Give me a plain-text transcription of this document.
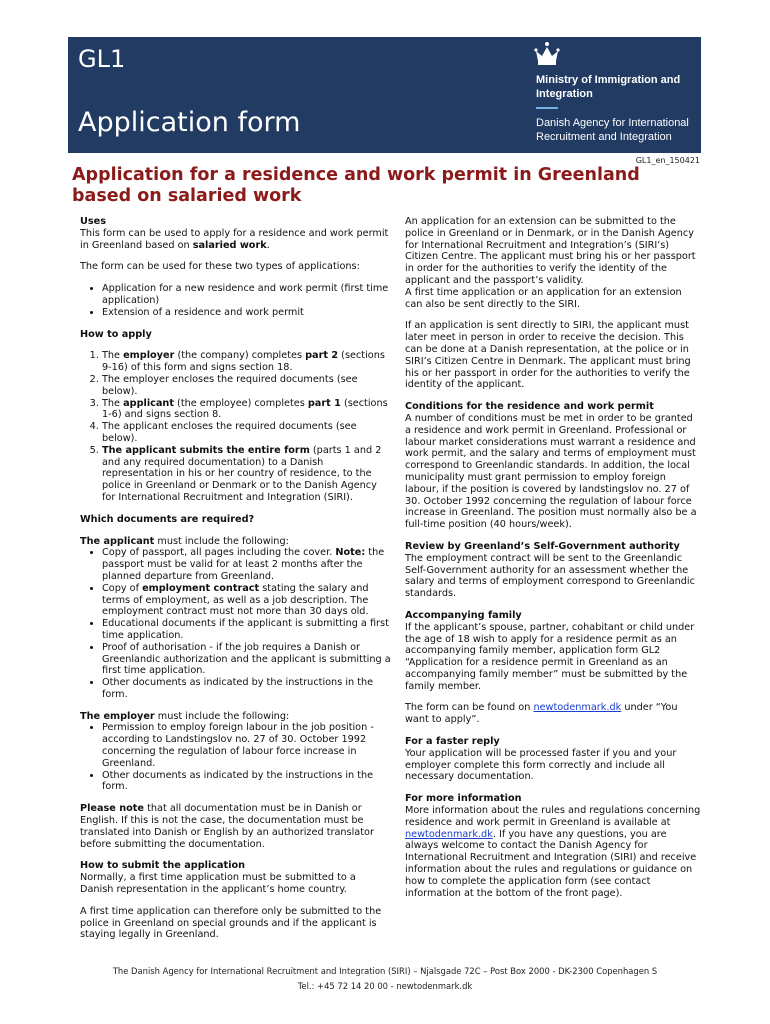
GL1
Application form
Ministry of Immigration and Integration
Danish Agency for International Recruitment and Integration
GL1_en_150421
Application for a residence and work permit in Greenland based on salaried work

Uses

This form can be used to apply for a residence and work permit in Greenland based on salaried work.

The form can be used for these two types of applications:

• Application for a new residence and work permit (first time application)
• Extension of a residence and work permit

How to apply

1. The employer (the company) completes part 2 (sections 9-16) of this form and signs section 18.
2. The employer encloses the required documents (see below).
3. The applicant (the employee) completes part 1 (sections 1-6) and signs section 8.
4. The applicant encloses the required documents (see below).
5. The applicant submits the entire form (parts 1 and 2 and any required documentation) to a Danish representation in his or her country of residence, to the police in Greenland or Denmark or to the Danish Agency for International Recruitment and Integration (SIRI).

Which documents are required?

The applicant must include the following:

• Copy of passport, all pages including the cover. Note: the passport must be valid for at least 2 months after the planned departure from Greenland.
• Copy of employment contract stating the salary and terms of employment, as well as a job description. The employment contract must not more than 30 days old.
• Educational documents if the applicant is submitting a first time application.
• Proof of authorisation - if the job requires a Danish or Greenlandic authorization and the applicant is submitting a first time application.
• Other documents as indicated by the instructions in the form.

The employer must include the following:

• Permission to employ foreign labour in the job position - according to Landstingslov no. 27 of 30. October 1992 concerning the regulation of labour force increase in Greenland.
• Other documents as indicated by the instructions in the form.

Please note that all documentation must be in Danish or English. If this is not the case, the documentation must be translated into Danish or English by an authorized translator before submitting the documentation.

How to submit the application

Normally, a first time application must be submitted to a Danish representation in the applicant’s home country.

A first time application can therefore only be submitted to the police in Greenland on special grounds and if the applicant is staying legally in Greenland.

An application for an extension can be submitted to the police in Greenland or in Denmark, or in the Danish Agency for International Recruitment and Integration’s (SIRI’s) Citizen Centre. The applicant must bring his or her passport in order for the authorities to verify the identity of the applicant and the passport’s validity.

A first time application or an application for an extension can also be sent directly to the SIRI.

If an application is sent directly to SIRI, the applicant must later meet in person in order to receive the decision. This can be done at a Danish representation, at the police or in SIRI’s Citizen Centre in Denmark. The applicant must bring his or her passport in order for the authorities to verify the identity of the applicant.

Conditions for the residence and work permit

A number of conditions must be met in order to be granted a residence and work permit in Greenland. Professional or labour market considerations must warrant a residence and work permit, and the salary and terms of employment must correspond to Greenlandic standards. In addition, the local municipality must grant permission to employ foreign labour, if the position is covered by landstingslov no. 27 of 30. October 1992 concerning the regulation of labour force increase in Greenland. The position must normally also be a full-time position (40 hours/week).

Review by Greenland’s Self-Government authority

The employment contract will be sent to the Greenlandic Self-Government authority for an assessment whether the salary and terms of employment correspond to Greenlandic standards.

Accompanying family

If the applicant’s spouse, partner, cohabitant or child under the age of 18 wish to apply for a residence permit as an accompanying family member, application form GL2 “Application for a residence permit in Greenland as an accompanying family member” must be submitted by the family member.

The form can be found on newtodenmark.dk under “You want to apply”.

For a faster reply

Your application will be processed faster if you and your employer complete this form correctly and include all necessary documentation.

For more information

More information about the rules and regulations concerning residence and work permit in Greenland is available at newtodenmark.dk. If you have any questions, you are always welcome to contact the Danish Agency for International Recruitment and Integration (SIRI) and receive information about the rules and regulations or guidance on how to complete the application form (see contact information at the bottom of the front page).

The Danish Agency for International Recruitment and Integration (SIRI) – Njalsgade 72C – Post Box 2000 - DK-2300 Copenhagen S
Tel.: +45 72 14 20 00 - newtodenmark.dk
